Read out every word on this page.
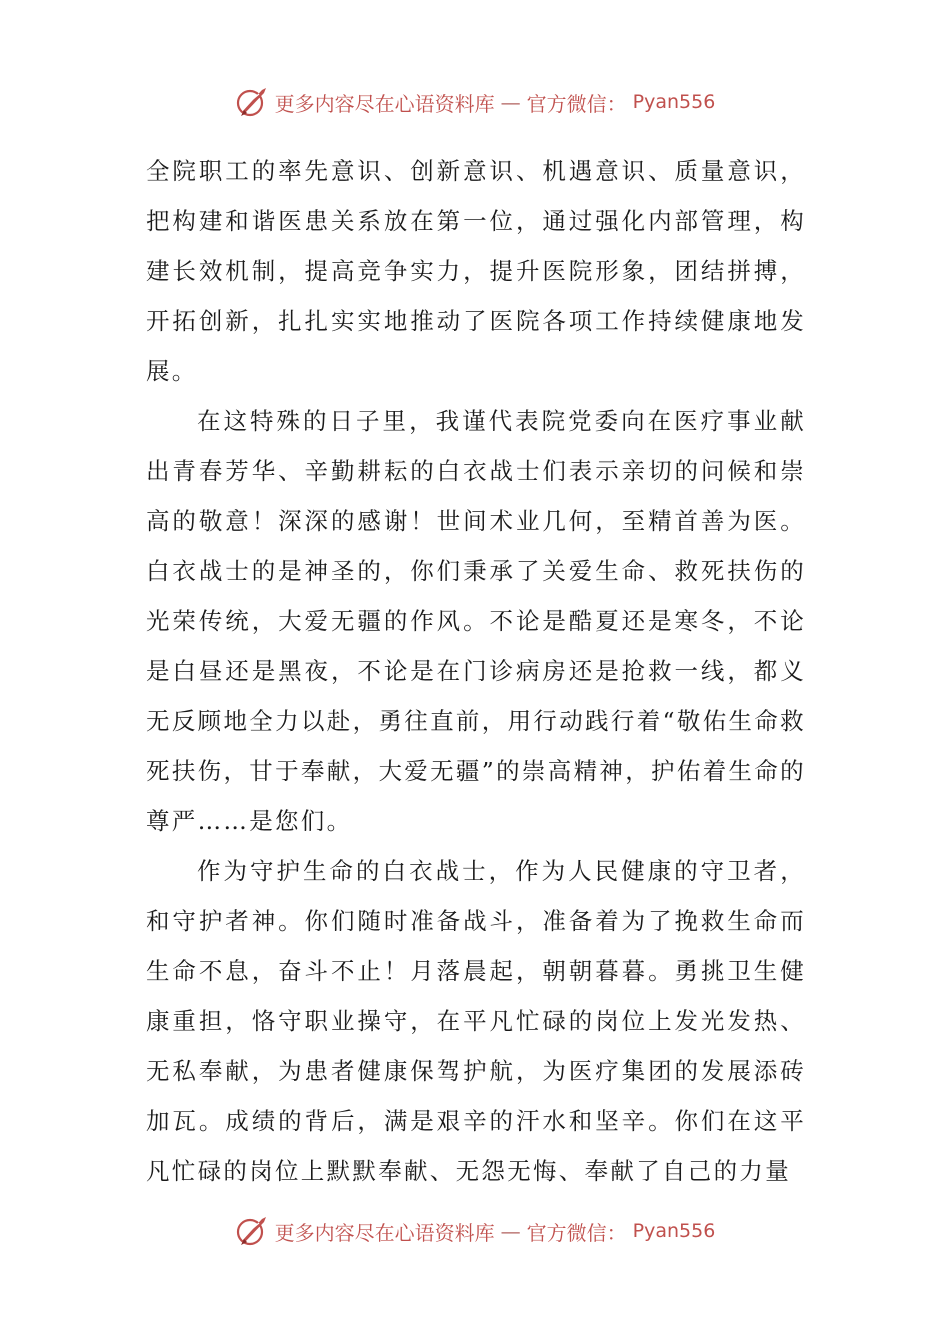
更多内容尽在心语资料库 — 官方微信： Pyan556

全院职工的率先意识、创新意识、机遇意识、质量意识，把构建和谐医患关系放在第一位，通过强化内部管理，构建长效机制，提高竞争实力，提升医院形象，团结拼搏，开拓创新，扎扎实实地推动了医院各项工作持续健康地发展。

在这特殊的日子里，我谨代表院党委向在医疗事业献出青春芳华、辛勤耕耘的白衣战士们表示亲切的问候和崇高的敬意！深深的感谢！世间术业几何，至精首善为医。白衣战士的是神圣的，你们秉承了关爱生命、救死扶伤的光荣传统，大爱无疆的作风。不论是酷夏还是寒冬，不论是白昼还是黑夜，不论是在门诊病房还是抢救一线，都义无反顾地全力以赴，勇往直前，用行动践行着“敬佑生命救死扶伤，甘于奉献，大爱无疆”的崇高精神，护佑着生命的尊严……是您们。

作为守护生命的白衣战士，作为人民健康的守卫者，和守护者神。你们随时准备战斗，准备着为了挽救生命而生命不息，奋斗不止！月落晨起，朝朝暮暮。勇挑卫生健康重担，恪守职业操守，在平凡忙碌的岗位上发光发热、无私奉献，为患者健康保驾护航，为医疗集团的发展添砖加瓦。成绩的背后，满是艰辛的汗水和坚辛。你们在这平凡忙碌的岗位上默默奉献、无怨无悔、奉献了自己的力量

更多内容尽在心语资料库 — 官方微信： Pyan556
